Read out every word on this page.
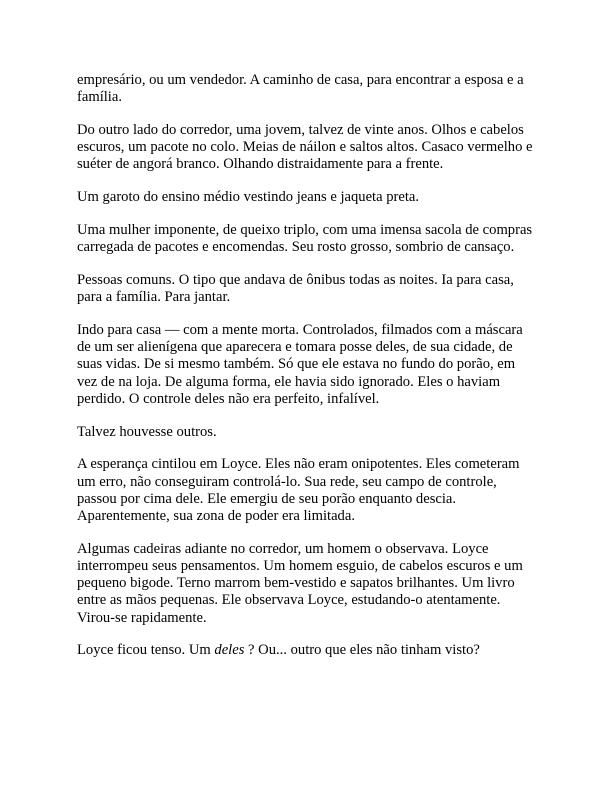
empresário, ou um vendedor. A caminho de casa, para encontrar a esposa e a família.

Do outro lado do corredor, uma jovem, talvez de vinte anos. Olhos e cabelos escuros, um pacote no colo. Meias de náilon e saltos altos. Casaco vermelho e suéter de angorá branco. Olhando distraidamente para a frente.

Um garoto do ensino médio vestindo jeans e jaqueta preta.

Uma mulher imponente, de queixo triplo, com uma imensa sacola de compras carregada de pacotes e encomendas. Seu rosto grosso, sombrio de cansaço.

Pessoas comuns. O tipo que andava de ônibus todas as noites. Ia para casa, para a família. Para jantar.

Indo para casa — com a mente morta. Controlados, filmados com a máscara de um ser alienígena que aparecera e tomara posse deles, de sua cidade, de suas vidas. De si mesmo também. Só que ele estava no fundo do porão, em vez de na loja. De alguma forma, ele havia sido ignorado. Eles o haviam perdido. O controle deles não era perfeito, infalível.

Talvez houvesse outros.

A esperança cintilou em Loyce. Eles não eram onipotentes. Eles cometeram um erro, não conseguiram controlá-lo. Sua rede, seu campo de controle, passou por cima dele. Ele emergiu de seu porão enquanto descia. Aparentemente, sua zona de poder era limitada.

Algumas cadeiras adiante no corredor, um homem o observava. Loyce interrompeu seus pensamentos. Um homem esguio, de cabelos escuros e um pequeno bigode. Terno marrom bem-vestido e sapatos brilhantes. Um livro entre as mãos pequenas. Ele observava Loyce, estudando-o atentamente. Virou-se rapidamente.

Loyce ficou tenso. Um deles ? Ou... outro que eles não tinham visto?
